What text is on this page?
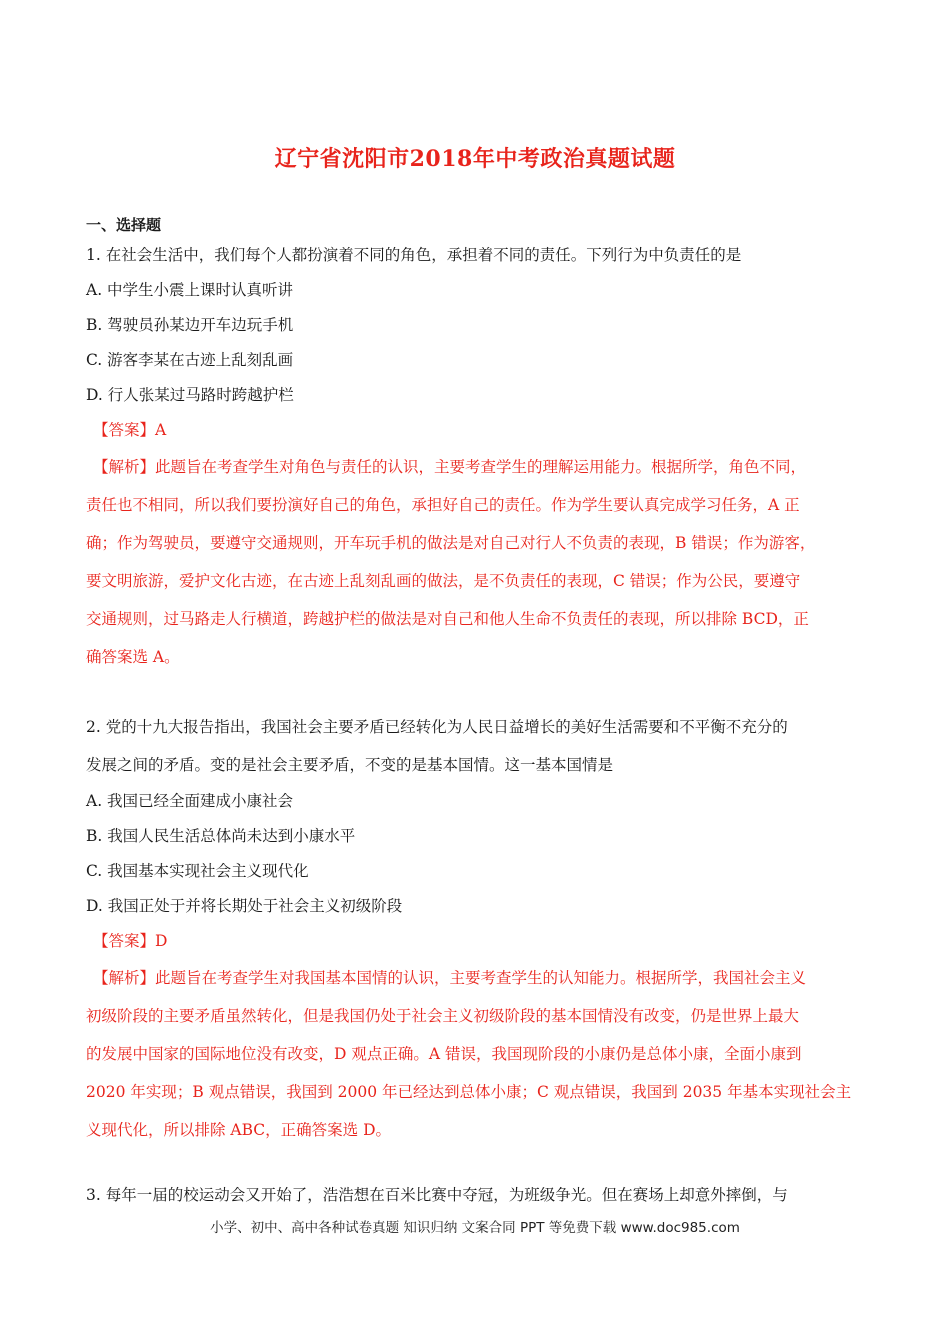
辽宁省沈阳市2018年中考政治真题试题
一、选择题
1. 在社会生活中，我们每个人都扮演着不同的角色，承担着不同的责任。下列行为中负责任的是
A. 中学生小震上课时认真听讲
B. 驾驶员孙某边开车边玩手机
C. 游客李某在古迹上乱刻乱画
D. 行人张某过马路时跨越护栏
【答案】A
【解析】此题旨在考查学生对角色与责任的认识，主要考查学生的理解运用能力。根据所学，角色不同，
责任也不相同，所以我们要扮演好自己的角色，承担好自己的责任。作为学生要认真完成学习任务，A 正
确；作为驾驶员，要遵守交通规则，开车玩手机的做法是对自己对行人不负责的表现，B 错误；作为游客，
要文明旅游，爱护文化古迹，在古迹上乱刻乱画的做法，是不负责任的表现，C 错误；作为公民，要遵守
交通规则，过马路走人行横道，跨越护栏的做法是对自己和他人生命不负责任的表现，所以排除 BCD，正
确答案选 A。
2. 党的十九大报告指出，我国社会主要矛盾已经转化为人民日益增长的美好生活需要和不平衡不充分的
发展之间的矛盾。变的是社会主要矛盾，不变的是基本国情。这一基本国情是
A. 我国已经全面建成小康社会
B. 我国人民生活总体尚未达到小康水平
C. 我国基本实现社会主义现代化
D. 我国正处于并将长期处于社会主义初级阶段
【答案】D
【解析】此题旨在考查学生对我国基本国情的认识，主要考查学生的认知能力。根据所学，我国社会主义
初级阶段的主要矛盾虽然转化，但是我国仍处于社会主义初级阶段的基本国情没有改变，仍是世界上最大
的发展中国家的国际地位没有改变，D 观点正确。A 错误，我国现阶段的小康仍是总体小康，全面小康到
2020 年实现；B 观点错误，我国到 2000 年已经达到总体小康；C 观点错误，我国到 2035 年基本实现社会主
义现代化，所以排除 ABC，正确答案选 D。
3. 每年一届的校运动会又开始了，浩浩想在百米比赛中夺冠，为班级争光。但在赛场上却意外摔倒，与
小学、初中、高中各种试卷真题 知识归纳 文案合同 PPT 等免费下载 www.doc985.com
